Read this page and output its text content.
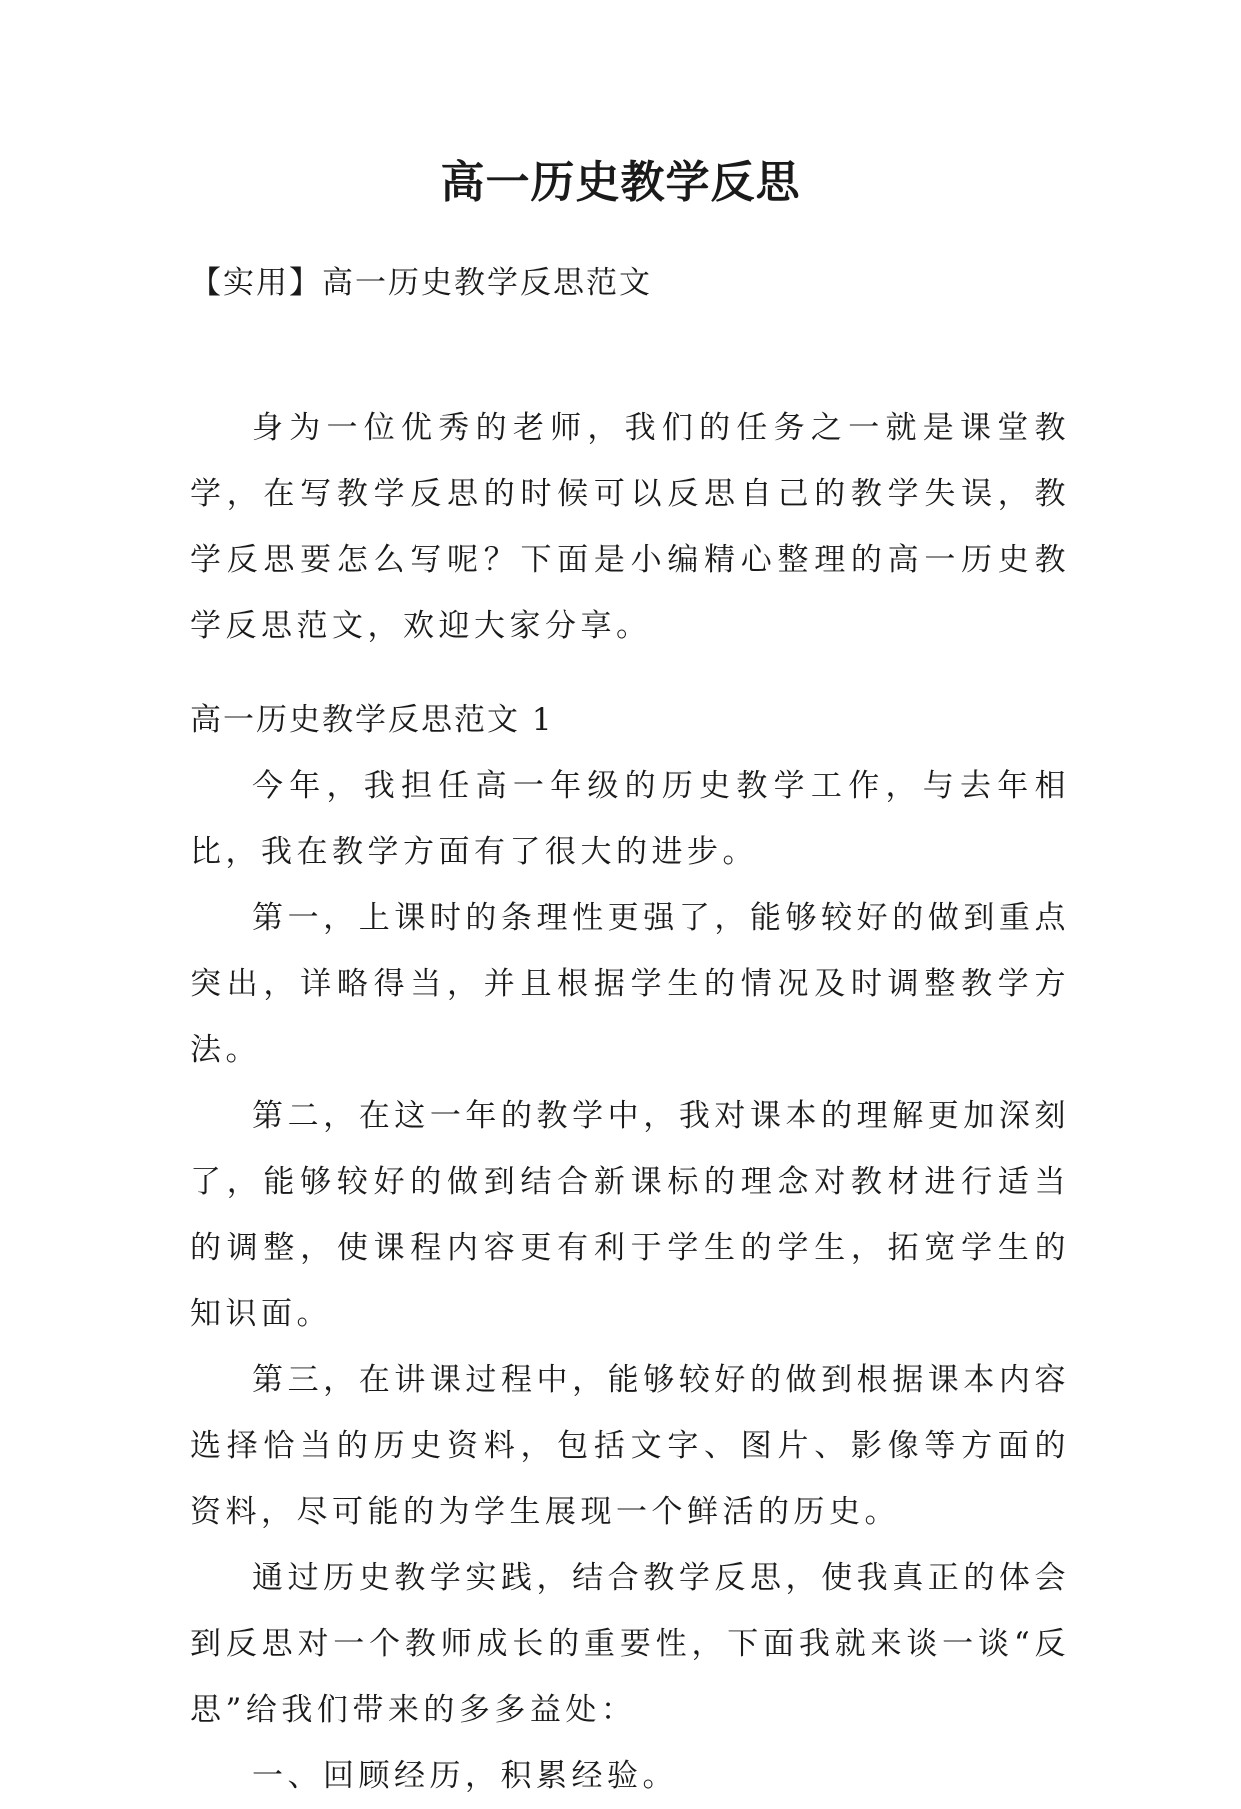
高一历史教学反思
【实用】高一历史教学反思范文

身为一位优秀的老师，我们的任务之一就是课堂教学，在写教学反思的时候可以反思自己的教学失误，教学反思要怎么写呢？下面是小编精心整理的高一历史教学反思范文，欢迎大家分享。

高一历史教学反思范文 1

今年，我担任高一年级的历史教学工作，与去年相比，我在教学方面有了很大的进步。

第一，上课时的条理性更强了，能够较好的做到重点突出，详略得当，并且根据学生的情况及时调整教学方法。

第二，在这一年的教学中，我对课本的理解更加深刻了，能够较好的做到结合新课标的理念对教材进行适当的调整，使课程内容更有利于学生的学生，拓宽学生的知识面。

第三，在讲课过程中，能够较好的做到根据课本内容选择恰当的历史资料，包括文字、图片、影像等方面的资料，尽可能的为学生展现一个鲜活的历史。

通过历史教学实践，结合教学反思，使我真正的体会到反思对一个教师成长的重要性，下面我就来谈一谈“反思”给我们带来的多多益处：

一、回顾经历，积累经验。
